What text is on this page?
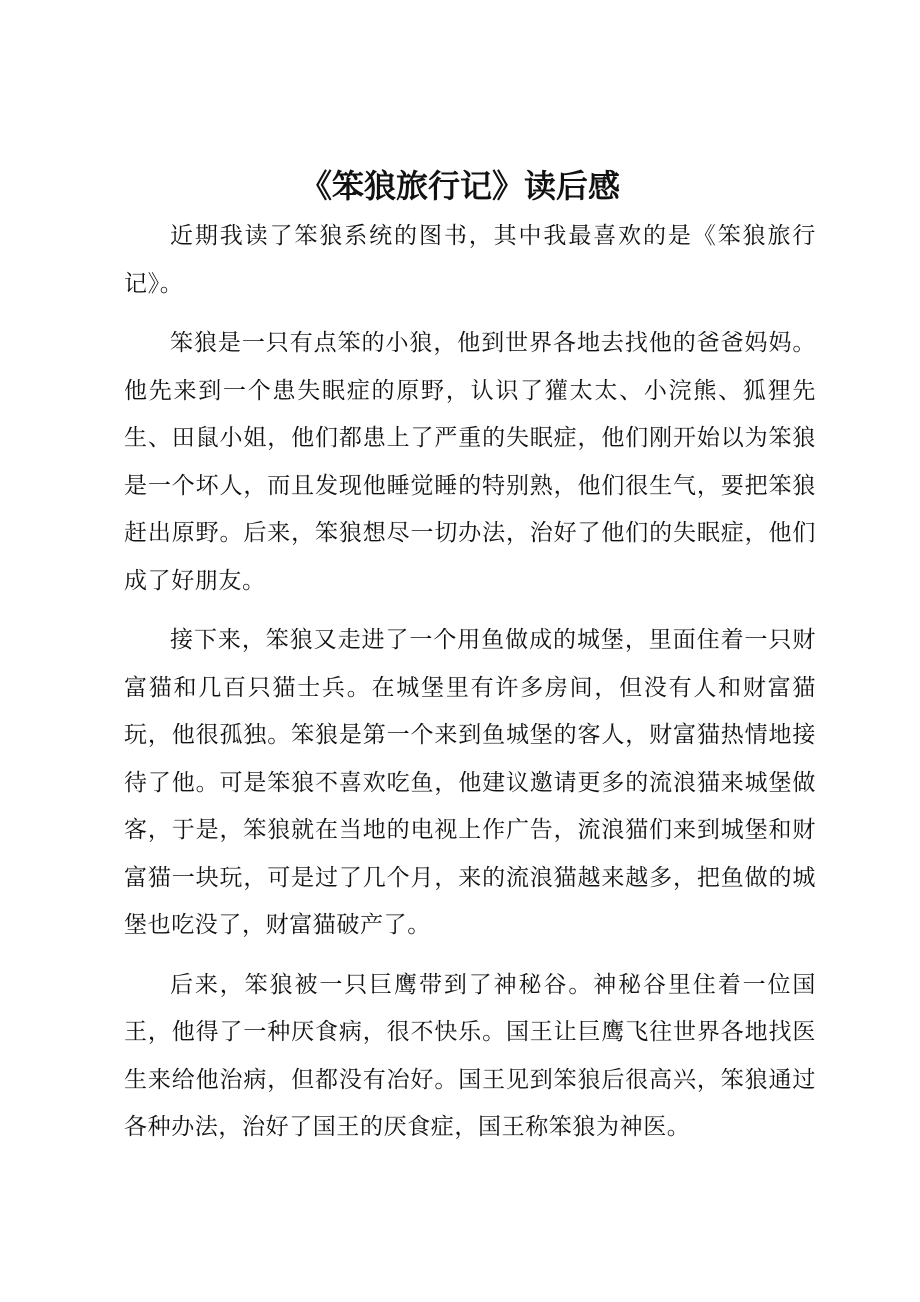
《笨狼旅行记》读后感

近期我读了笨狼系统的图书，其中我最喜欢的是《笨狼旅行记》。

笨狼是一只有点笨的小狼，他到世界各地去找他的爸爸妈妈。他先来到一个患失眠症的原野，认识了獾太太、小浣熊、狐狸先生、田鼠小姐，他们都患上了严重的失眠症，他们刚开始以为笨狼是一个坏人，而且发现他睡觉睡的特别熟，他们很生气，要把笨狼赶出原野。后来，笨狼想尽一切办法，治好了他们的失眠症，他们成了好朋友。

接下来，笨狼又走进了一个用鱼做成的城堡，里面住着一只财富猫和几百只猫士兵。在城堡里有许多房间，但没有人和财富猫玩，他很孤独。笨狼是第一个来到鱼城堡的客人，财富猫热情地接待了他。可是笨狼不喜欢吃鱼，他建议邀请更多的流浪猫来城堡做客，于是，笨狼就在当地的电视上作广告，流浪猫们来到城堡和财富猫一块玩，可是过了几个月，来的流浪猫越来越多，把鱼做的城堡也吃没了，财富猫破产了。

后来，笨狼被一只巨鹰带到了神秘谷。神秘谷里住着一位国王，他得了一种厌食病，很不快乐。国王让巨鹰飞往世界各地找医生来给他治病，但都没有冶好。国王见到笨狼后很高兴，笨狼通过各种办法，治好了国王的厌食症，国王称笨狼为神医。
